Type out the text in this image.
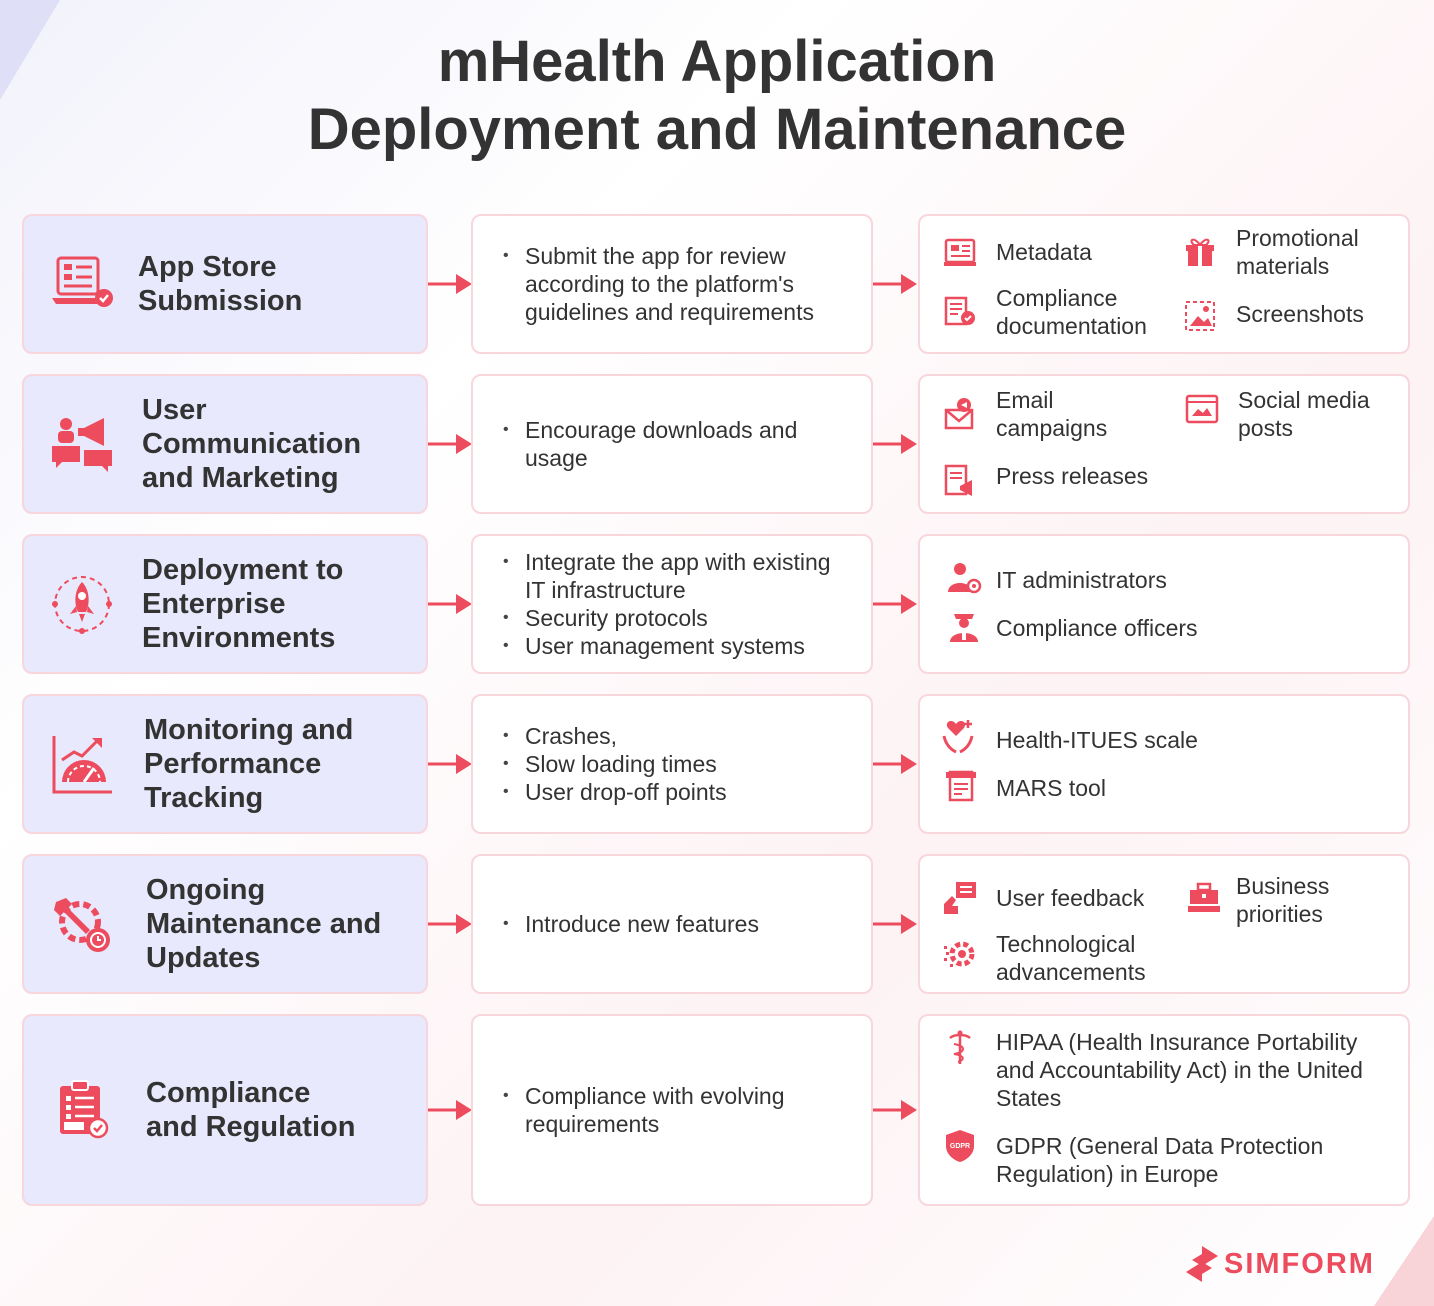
mHealth Application
Deployment and Maintenance
App Store
Submission
• Submit the app for review
according to the platform's
guidelines and requirements
Metadata
Promotional
materials
Compliance
documentation	Screenshots
User
Communication
and Marketing
• Encourage downloads and
usage
Email
campaigns
Social media
posts
Press releases
Deployment to
Enterprise
Environments
• Integrate the app with existing
IT infrastructure
• Security protocols
• User management systems
IT administrators
Compliance officers
Monitoring and
Performance
Tracking
• Crashes,
• Slow loading times
• User drop-off points
Health-ITUES scale
MARS tool
Ongoing
Maintenance and
Updates
• Introduce new features
User feedback	Business
priorities
Technological
advancements
Compliance
and Regulation
• Compliance with evolving
requirements
HIPAA (Health Insurance Portability
and Accountability Act) in the United
States
GDPR GDPR (General Data Protection
Regulation) in Europe
SIMFORM
